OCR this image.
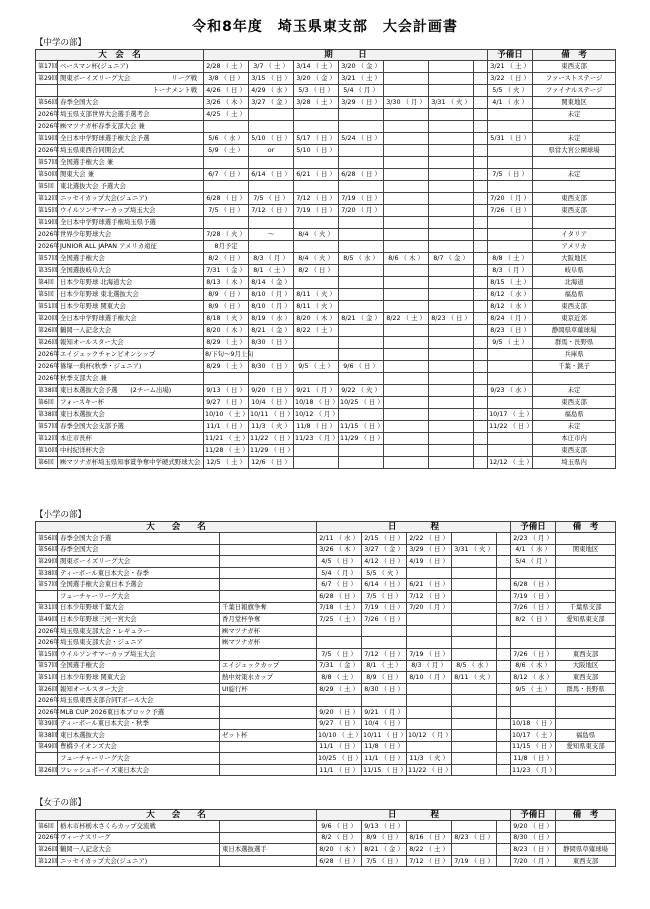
令和8年度　埼玉県東支部　大会計画書
【中学の部】
大　会　名		期　　　日							予備日	備　考
第17回	ベースマン杯(ジュニア)	2/28 （ 土 ）	3/7 （ 土 ）	3/14 （ 土 ）	3/20 （ 金 ）				3/21 （ 土 ）	東西支部
第29回	関東ボーイズリーグ大会 リーグ戦	3/8 （ 日 ）	3/15 （ 日 ）	3/20 （ 金 ）	3/21 （ 土 ）				3/22 （ 日 ）	ファーストステージ

	トーナメント戦	4/26 （ 日 ）	4/29 （ 水 ）	5/3 （ 日 ）	5/4 （ 月 ）				5/5 （ 火 ）	ファイナルステージ
第56回	春季全国大会	3/26 （ 木 ）	3/27 （ 金 ）	3/28 （ 土 ）	3/29 （ 日 ）	3/30 （ 月 ）	3/31 （ 火 ）		4/1 （ 水 ）	関東地区
2026年	埼玉県支部世界大会選手選考会	4/25 （ 土 ）								未定
2026年	㈱マツナガ杯春季支部大会 兼

第19回	全日本中学野球選手権大会予選	5/6 （ 水 ）	5/10 （ 日 ）	5/17 （ 日 ）	5/24 （ 日 ）				5/31 （ 日 ）	未定
2026年	埼玉県東西合同開会式	5/9 （ 土 ）	or	5/10 （ 日 ）						県営大宮公園球場
第57回	全国選手権大会 兼

第50回	関東大会 兼	6/7 （ 日 ）	6/14 （ 日 ）	6/21 （ 日 ）	6/28 （ 日 ）				7/5 （ 日 ）	未定
第5回	東北選抜大会 予選大会

第12回	ニッセイカップ大会(ジュニア)	6/28 （ 日 ）	7/5 （ 日 ）	7/12 （ 日 ）	7/19 （ 日 ）				7/20 （ 月 ）	東西支部
第15回	ウイルソンサマーカップ埼玉大会	7/5 （ 日 ）	7/12 （ 日 ）	7/19 （ 日 ）	7/20 （ 月 ）				7/26 （ 日 ）	東西支部
第19回	全日本中学野球選手権埼玉県予選

2026年	世界少年野球大会	7/28 （ 火 ）	～	8/4 （ 火 ）						イタリア
2026年	JUNIOR ALL JAPAN アメリカ遠征	8月予定								アメリカ
第57回	全国選手権大会	8/2 （ 日 ）	8/3 （ 月 ）	8/4 （ 火 ）	8/5 （ 水 ）	8/6 （ 木 ）	8/7 （ 金 ）		8/8 （ 土 ）	大阪地区
第35回	全国選抜岐阜大会	7/31 （ 金 ）	8/1 （ 土 ）	8/2 （ 日 ）					8/3 （ 月 ）	岐阜県
第4回	日本少年野球 北海道大会	8/13 （ 木 ）	8/14 （ 金 ）						8/15 （ 土 ）	北海道
第5回	日本少年野球 東北選抜大会	8/9 （ 日 ）	8/10 （ 月 ）	8/11 （ 火 ）					8/12 （ 水 ）	福島県
第51回	日本少年野球 関東大会	8/9 （ 日 ）	8/10 （ 月 ）	8/11 （ 火 ）					8/12 （ 水 ）	東西支部
第20回	全日本中学野球選手権大会	8/18 （ 火 ）	8/19 （ 水 ）	8/20 （ 木 ）	8/21 （ 金 ）	8/22 （ 土 ）	8/23 （ 日 ）		8/24 （ 月 ）	東京近郊
第26回	鶴岡一人記念大会	8/20 （ 木 ）	8/21 （ 金 ）	8/22 （ 土 ）					8/23 （ 日 ）	静岡県草薙球場
第26回	報知オールスター大会	8/29 （ 土 ）	8/30 （ 日 ）						9/5 （ 土 ）	群馬・長野県
2026年	エイジェックチャンピオンシップ	8/下旬～9月上旬								兵庫県
2026年	篠塚一典杯(秋季・ジュニア)	8/29 （ 土 ）	8/30 （ 日 ）	9/5 （ 土 ）	9/6 （ 日 ）					千葉・銚子
2026年	秋季支部大会 兼

第38回	東日本選抜大会予選　　(2チーム出場)	9/13 （ 日 ）	9/20 （ 日 ）	9/21 （ 月 ）	9/22 （ 火 ）				9/23 （ 水 ）	未定
第6回	フォースキー杯	9/27 （ 日 ）	10/4 （ 日 ）	10/18 （ 日 ）	10/25 （ 日 ）					東西支部
第38回	東日本選抜大会	10/10 （ 土 ）	10/11 （ 日 ）	10/12 （ 月 ）					10/17 （ 土 ）	福島県
第57回	春季全国大会支部予選	11/1 （ 日 ）	11/3 （ 火 ）	11/8 （ 日 ）	11/15 （ 日 ）				11/22 （ 日 ）	未定
第12回	本庄市長杯	11/21 （ 土 ）	11/22 （ 日 ）	11/23 （ 月 ）	11/29 （ 日 ）					本庄市内
第10回	中村紀洋杯大会	11/28 （ 土 ）	11/29 （ 日 ）							東西支部
第6回	㈱マツナガ杯埼玉県知事賞争奪中学硬式野球大会	12/5 （ 土 ）	12/6 （ 日 ）						12/12 （ 土 ）	埼玉県内
【小学の部】
大　　会　　名			日　　　　程					予備日	備　考
第56回	春季全国大会予選		2/11 （ 水 ）	2/15 （ 日 ）	2/22 （ 日 ）			2/23 （ 月 ）	
第56回	春季全国大会		3/26 （ 木 ）	3/27 （ 金 ）	3/29 （ 日 ）	3/31 （ 火 ）		4/1 （ 水 ）	関東地区
第29回	関東ボーイズリーグ大会		4/5 （ 日 ）	4/12 （ 日 ）	4/19 （ 日 ）			5/4 （ 月 ）	
第38回	ティーボール東日本大会・春季		5/4 （ 月 ）	5/5 （ 火 ）					
第57回	全国選手権大会東日本予選会		6/7 （ 日 ）	6/14 （ 日 ）	6/21 （ 日 ）			6/28 （ 日 ）	
	フューチャーリーグ大会		6/28 （ 日 ）	7/5 （ 日 ）	7/12 （ 日 ）			7/19 （ 日 ）	
第31回	日本少年野球千葉大会	千葉日報旗争奪	7/18 （ 土 ）	7/19 （ 日 ）	7/20 （ 月 ）			7/26 （ 日 ）	千葉県支部
第49回	日本少年野球三河一宮大会	香月堂杯争奪	7/25 （ 土 ）	7/26 （ 日 ）				8/2 （ 日 ）	愛知県東支部
2026年	埼玉県東支部大会・レギュラー	㈱マツナガ杯							
2026年	埼玉県東支部大会・ジュニア	㈱マツナガ杯							
第15回	ウイルソンサマーカップ埼玉大会		7/5 （ 日 ）	7/12 （ 日 ）	7/19 （ 日 ）			7/26 （ 日 ）	東西支部
第57回	全国選手権大会	エイジェックカップ	7/31 （ 金 ）	8/1 （ 土 ）	8/3 （ 月 ）	8/5 （ 水 ）		8/6 （ 木 ）	大阪地区
第51回	日本少年野球 関東大会	熱中対策水カップ	8/8 （ 土 ）	8/9 （ 日 ）	8/10 （ 月 ）	8/11 （ 火 ）		8/12 （ 水 ）	東西支部
第26回	報知オールスター大会	UI旋行杯	8/29 （ 土 ）	8/30 （ 日 ）				9/5 （ 土 ）	群馬・長野県
2026年	埼玉県東西支部合同Tボール大会								
2026年	MLB CUP 2026東日本ブロック予選		9/20 （ 日 ）	9/21 （ 月 ）					
第39回	ティーボール東日本大会・秋季		9/27 （ 日 ）	10/4 （ 日 ）				10/18 （ 日 ）	
第38回	東日本選抜大会	ゼット杯	10/10 （ 土 ）	10/11 （ 日 ）	10/12 （ 月 ）			10/17 （ 土 ）	福島県
第49回	豊橋ライオンズ大会		11/1 （ 日 ）	11/8 （ 日 ）				11/15 （ 日 ）	愛知県東支部
	フューチャーリーグ大会		10/25 （ 日 ）	11/1 （ 日 ）	11/3 （ 火 ）			11/8 （ 日 ）	
第26回	フレッシュボーイズ東日本大会		11/1 （ 日 ）	11/15 （ 日 ）	11/22 （ 日 ）			11/23 （ 月 ）	
【女子の部】
大　　会　　名			日　　　　程					予備日	備　考
第6回	栃木市杯栃木さくらカップ交流戦		9/6 （ 日 ）	9/13 （ 日 ）				9/20 （ 日 ）	
2026年	ヴィーナスリーグ		8/2 （ 日 ）	8/9 （ 日 ）	8/16 （ 日 ）	8/23 （ 日 ）		8/30 （ 日 ）	
第26回	鶴岡一人記念大会	東日本選抜選手	8/20 （ 木 ）	8/21 （ 金 ）	8/22 （ 土 ）			8/23 （ 日 ）	静岡県草薙球場
第12回	ニッセイカップ大会(ジュニア)		6/28 （ 日 ）	7/5 （ 日 ）	7/12 （ 日 ）	7/19 （ 日 ）		7/20 （ 月 ）	東西支部
